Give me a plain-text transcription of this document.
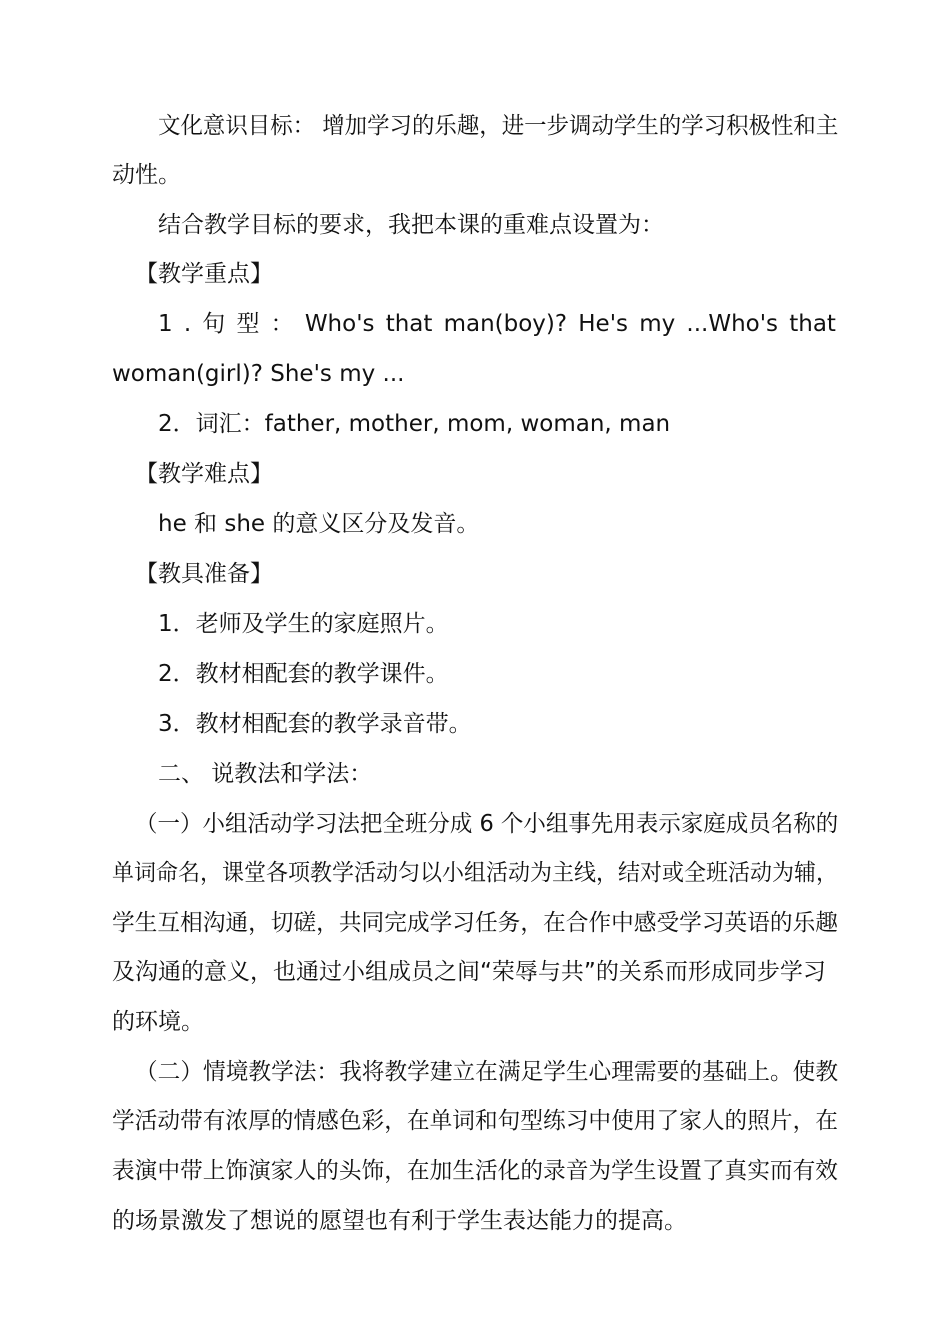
文化意识目标： 增加学习的乐趣，进一步调动学生的学习积极性和主
动性。
结合教学目标的要求，我把本课的重难点设置为：
【教学重点】
1 . 句 型 ： Who's that man(boy)? He's my ...Who's that
woman(girl)? She's my ...
2．词汇：father, mother, mom, woman, man
【教学难点】
he 和 she 的意义区分及发音。
【教具准备】
1．老师及学生的家庭照片。
2．教材相配套的教学课件。
3．教材相配套的教学录音带。
二、 说教法和学法：
（一）小组活动学习法把全班分成 6 个小组事先用表示家庭成员名称的
单词命名，课堂各项教学活动匀以小组活动为主线，结对或全班活动为辅，
学生互相沟通，切磋，共同完成学习任务，在合作中感受学习英语的乐趣
及沟通的意义，也通过小组成员之间“荣辱与共”的关系而形成同步学习
的环境。
（二）情境教学法：我将教学建立在满足学生心理需要的基础上。使教
学活动带有浓厚的情感色彩，在单词和句型练习中使用了家人的照片，在
表演中带上饰演家人的头饰，在加生活化的录音为学生设置了真实而有效
的场景激发了想说的愿望也有利于学生表达能力的提高。
